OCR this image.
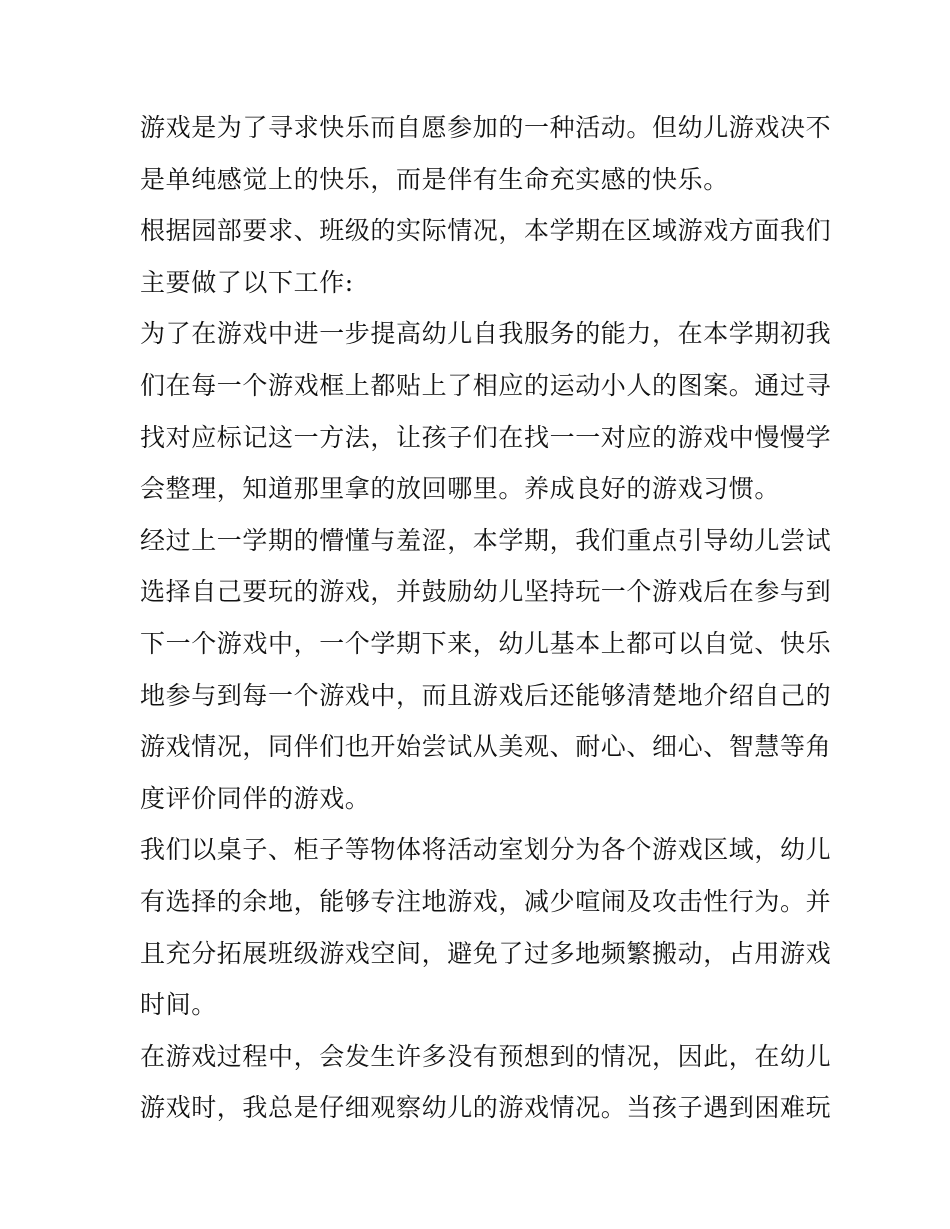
游戏是为了寻求快乐而自愿参加的一种活动。但幼儿游戏决不
是单纯感觉上的快乐，而是伴有生命充实感的快乐。
根据园部要求、班级的实际情况，本学期在区域游戏方面我们
主要做了以下工作:
为了在游戏中进一步提高幼儿自我服务的能力，在本学期初我
们在每一个游戏框上都贴上了相应的运动小人的图案。通过寻
找对应标记这一方法，让孩子们在找一一对应的游戏中慢慢学
会整理，知道那里拿的放回哪里。养成良好的游戏习惯。
经过上一学期的懵懂与羞涩，本学期，我们重点引导幼儿尝试
选择自己要玩的游戏，并鼓励幼儿坚持玩一个游戏后在参与到
下一个游戏中，一个学期下来，幼儿基本上都可以自觉、快乐
地参与到每一个游戏中，而且游戏后还能够清楚地介绍自己的
游戏情况，同伴们也开始尝试从美观、耐心、细心、智慧等角
度评价同伴的游戏。
我们以桌子、柜子等物体将活动室划分为各个游戏区域，幼儿
有选择的余地，能够专注地游戏，减少喧闹及攻击性行为。并
且充分拓展班级游戏空间，避免了过多地频繁搬动，占用游戏
时间。
在游戏过程中，会发生许多没有预想到的情况，因此，在幼儿
游戏时，我总是仔细观察幼儿的游戏情况。当孩子遇到困难玩
